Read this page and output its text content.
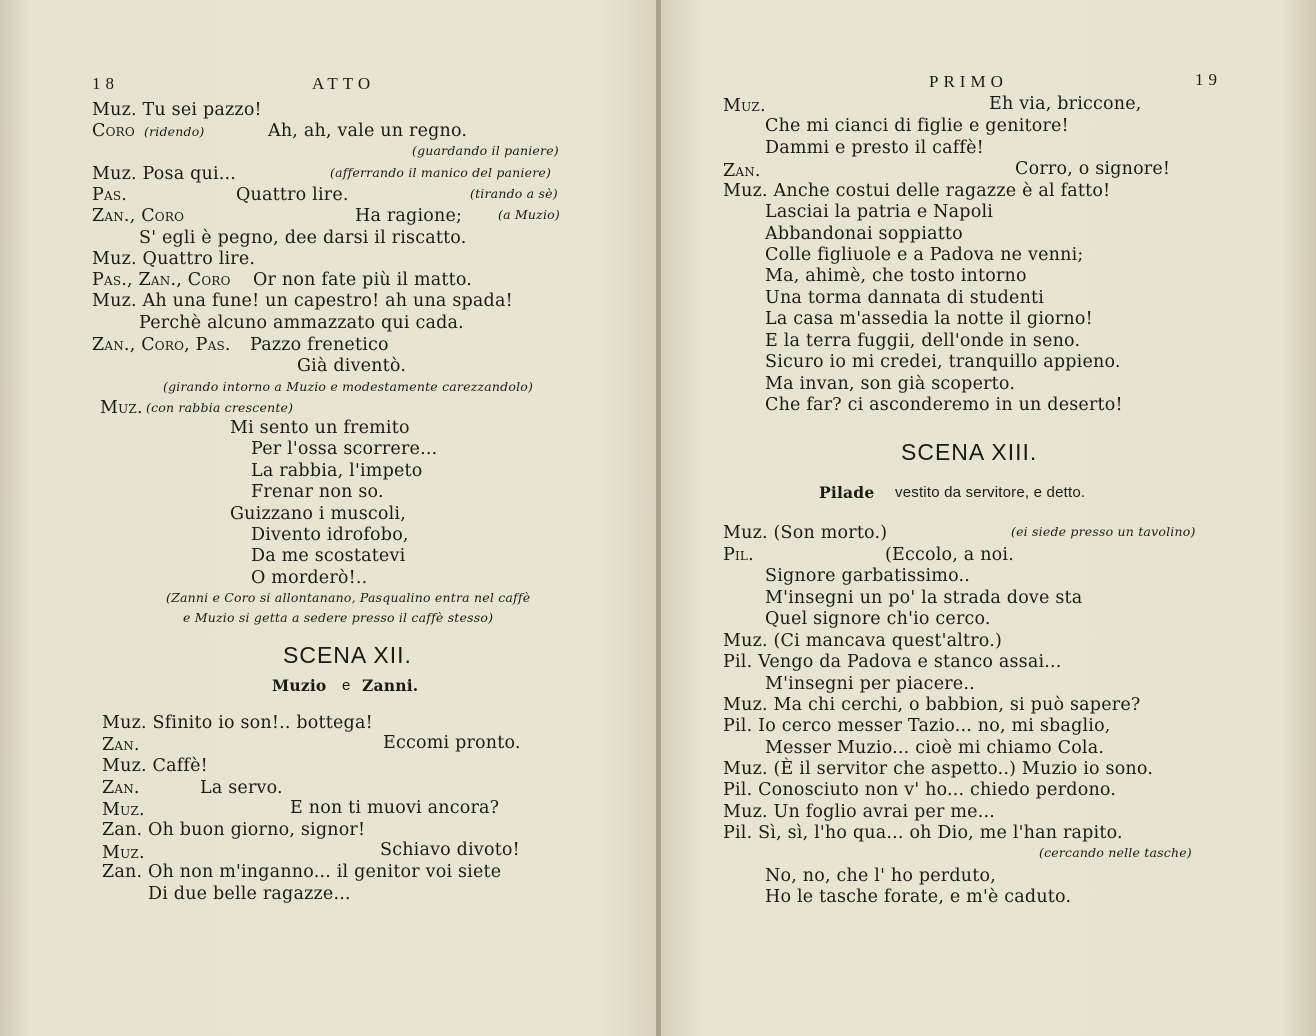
18	ATTO
Muz. Tu sei pazzo!
Coro (ridendo)	Ah, ah, vale un regno.
(guardando il paniere)
Muz. Posa qui...	(afferrando il manico del paniere)
Pas.	Quattro lire.	(tirando a sè)
Zan., Coro	Ha ragione;	(a Muzio)
S' egli è pegno, dee darsi il riscatto.
Muz. Quattro lire.
Pas., Zan., Coro Or non fate più il matto.
Muz. Ah una fune! un capestro! ah una spada!
Perchè alcuno ammazzato qui cada.
Zan., Coro, Pas. Pazzo frenetico
Già diventò.
(girando intorno a Muzio e modestamente carezzandolo)
Muz. (con rabbia crescente)
Mi sento un fremito
Per l'ossa scorrere...
La rabbia, l'impeto
Frenar non so.
Guizzano i muscoli,
Divento idrofobo,
Da me scostatevi
O morderò!..
(Zanni e Coro si allontanano, Pasqualino entra nel caffè
e Muzio si getta a sedere presso il caffè stesso)
SCENA XII.
Muzio e Zanni.
Muz. Sfinito io son!.. bottega!
Zan.	Eccomi pronto.
Muz. Caffè!
Zan.	La servo.
Muz.	E non ti muovi ancora?
Zan. Oh buon giorno, signor!
Muz.	Schiavo divoto!
Zan. Oh non m'inganno... il genitor voi siete
Di due belle ragazze...
PRIMO	19
Muz.	Eh via, briccone,
Che mi cianci di figlie e genitore!
Dammi e presto il caffè!
Zan.	Corro, o signore!
Muz. Anche costui delle ragazze è al fatto!
Lasciai la patria e Napoli
Abbandonai soppiatto
Colle figliuole e a Padova ne venni;
Ma, ahimè, che tosto intorno
Una torma dannata di studenti
La casa m'assedia la notte il giorno!
E la terra fuggii, dell'onde in seno.
Sicuro io mi credei, tranquillo appieno.
Ma invan, son già scoperto.
Che far? ci asconderemo in un deserto!
SCENA XIII.
Pilade vestito da servitore, e detto.
Muz. (Son morto.)	(ei siede presso un tavolino)
Pil.	(Eccolo, a noi.
Signore garbatissimo..
M'insegni un po' la strada dove sta
Quel signore ch'io cerco.
Muz. (Ci mancava quest'altro.)
Pil. Vengo da Padova e stanco assai...
M'insegni per piacere..
Muz. Ma chi cerchi, o babbion, si può sapere?
Pil. Io cerco messer Tazio... no, mi sbaglio,
Messer Muzio... cioè mi chiamo Cola.
Muz. (È il servitor che aspetto..) Muzio io sono.
Pil. Conosciuto non v' ho... chiedo perdono.
Muz. Un foglio avrai per me...
Pil. Sì, sì, l'ho qua... oh Dio, me l'han rapito.
(cercando nelle tasche)
No, no, che l' ho perduto,
Ho le tasche forate, e m'è caduto.
